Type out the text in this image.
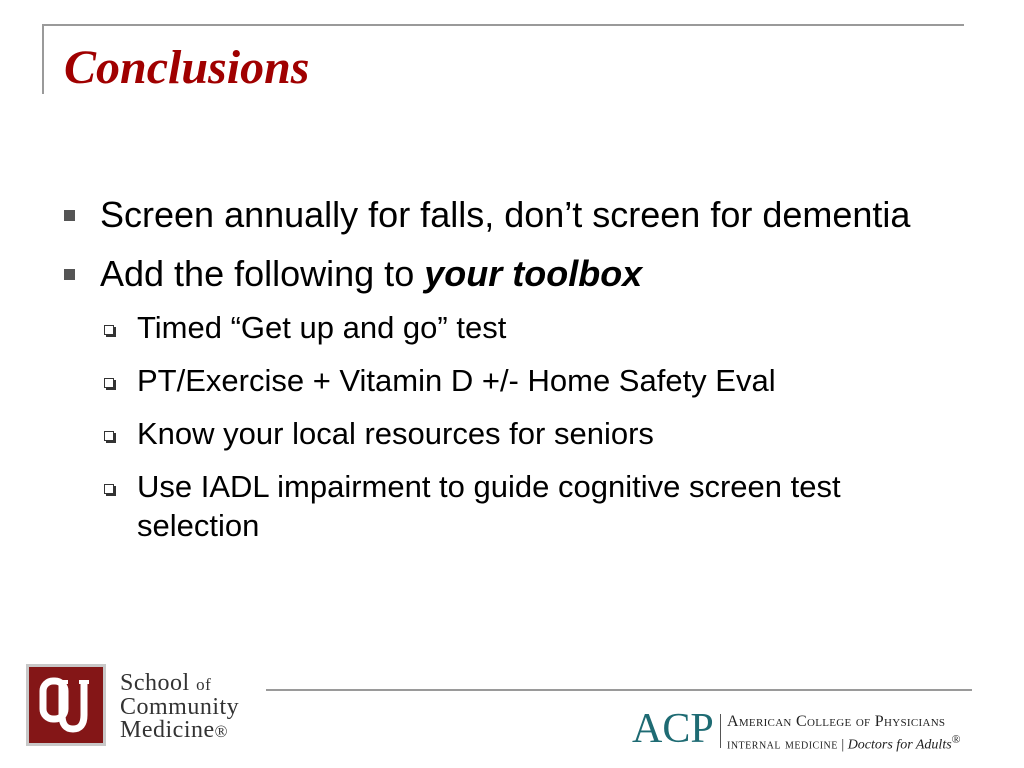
Conclusions
Screen annually for falls, don’t screen for dementia
Add the following to your toolbox
Timed “Get up and go” test
PT/Exercise + Vitamin D +/- Home Safety Eval
Know your local resources for seniors
Use IADL impairment to guide cognitive screen test selection
School of
Community
Medicine®	ACP American College of Physicians
internal medicine | Doctors for Adults®
